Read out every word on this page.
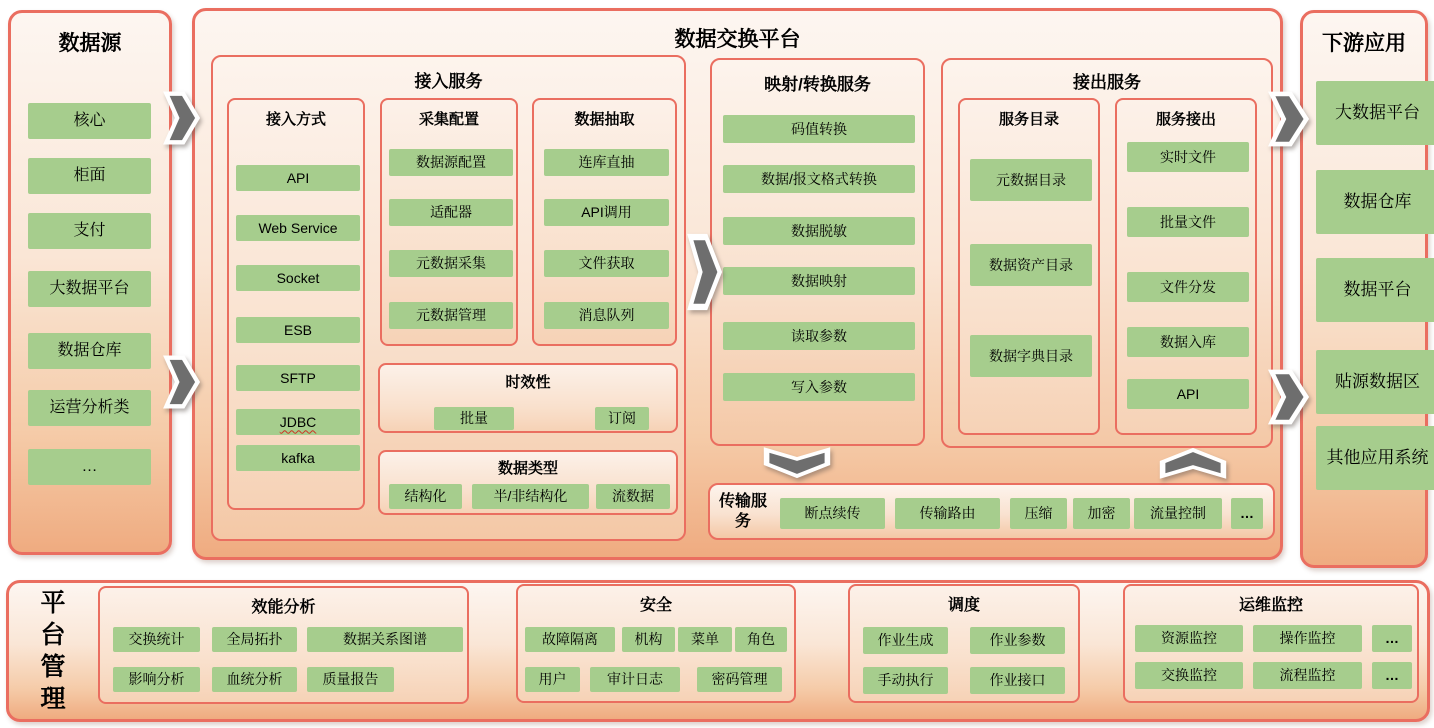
数据源
核心
柜面
支付
大数据平台
数据仓库
运营分析类
…
数据交换平台
接入服务
接入方式
API
Web Service
Socket
ESB
SFTP
JDBC
kafka
采集配置
数据源配置
适配器
元数据采集
元数据管理
数据抽取
连库直抽
API调用
文件获取
消息队列
时效性
批量	订阅
数据类型
结构化	半/非结构化	流数据
映射/转换服务
码值转换
数据/报文格式转换
数据脱敏
数据映射
读取参数
写入参数
接出服务
服务目录
元数据目录
数据资产目录
数据字典目录
服务接出
实时文件
批量文件
文件分发
数据入库
API
传输服务	断点续传	传输路由	压缩	加密	流量控制	…
下游应用
大数据平台
数据仓库
数据平台
贴源数据区
其他应用系统
平台管理	效能分析
交换统计	全局拓扑	数据关系图谱
影响分析	血统分析	质量报告
安全
故障隔离	机构	菜单	角色
用户	审计日志	密码管理
调度
作业生成	作业参数
手动执行	作业接口
运维监控
资源监控	操作监控	…
交换监控	流程监控	…
